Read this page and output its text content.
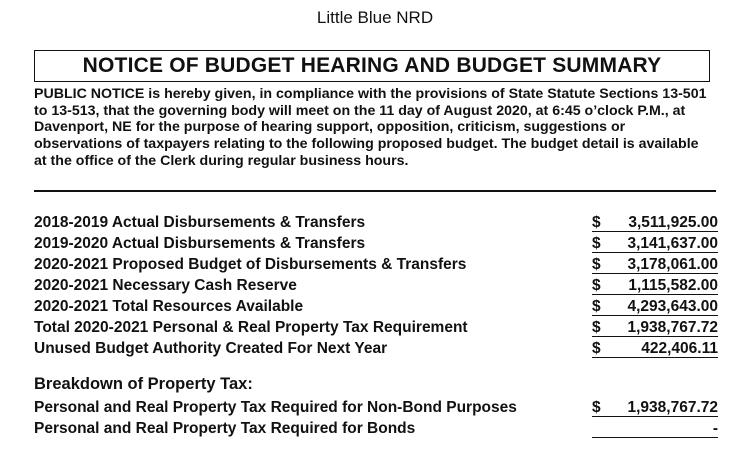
Little Blue NRD
NOTICE OF BUDGET HEARING AND BUDGET SUMMARY
PUBLIC NOTICE is hereby given, in compliance with the provisions of State Statute Sections 13-501 to 13-513, that the governing body will meet on the 11 day of August 2020, at 6:45 o’clock P.M., at Davenport, NE for the purpose of hearing support, opposition, criticism, suggestions or observations of taxpayers relating to the following proposed budget. The budget detail is available at the office of the Clerk during regular business hours.
2018-2019 Actual Disbursements & Transfers	$ 3,511,925.00
2019-2020 Actual Disbursements & Transfers	$ 3,141,637.00
2020-2021 Proposed Budget of Disbursements & Transfers	$ 3,178,061.00
2020-2021 Necessary Cash Reserve	$ 1,115,582.00
2020-2021 Total Resources Available	$ 4,293,643.00
Total 2020-2021 Personal & Real Property Tax Requirement	$ 1,938,767.72
Unused Budget Authority Created For Next Year	$	422,406.11
Breakdown of Property Tax:
Personal and Real Property Tax Required for Non-Bond Purposes	$ 1,938,767.72
Personal and Real Property Tax Required for Bonds	-
